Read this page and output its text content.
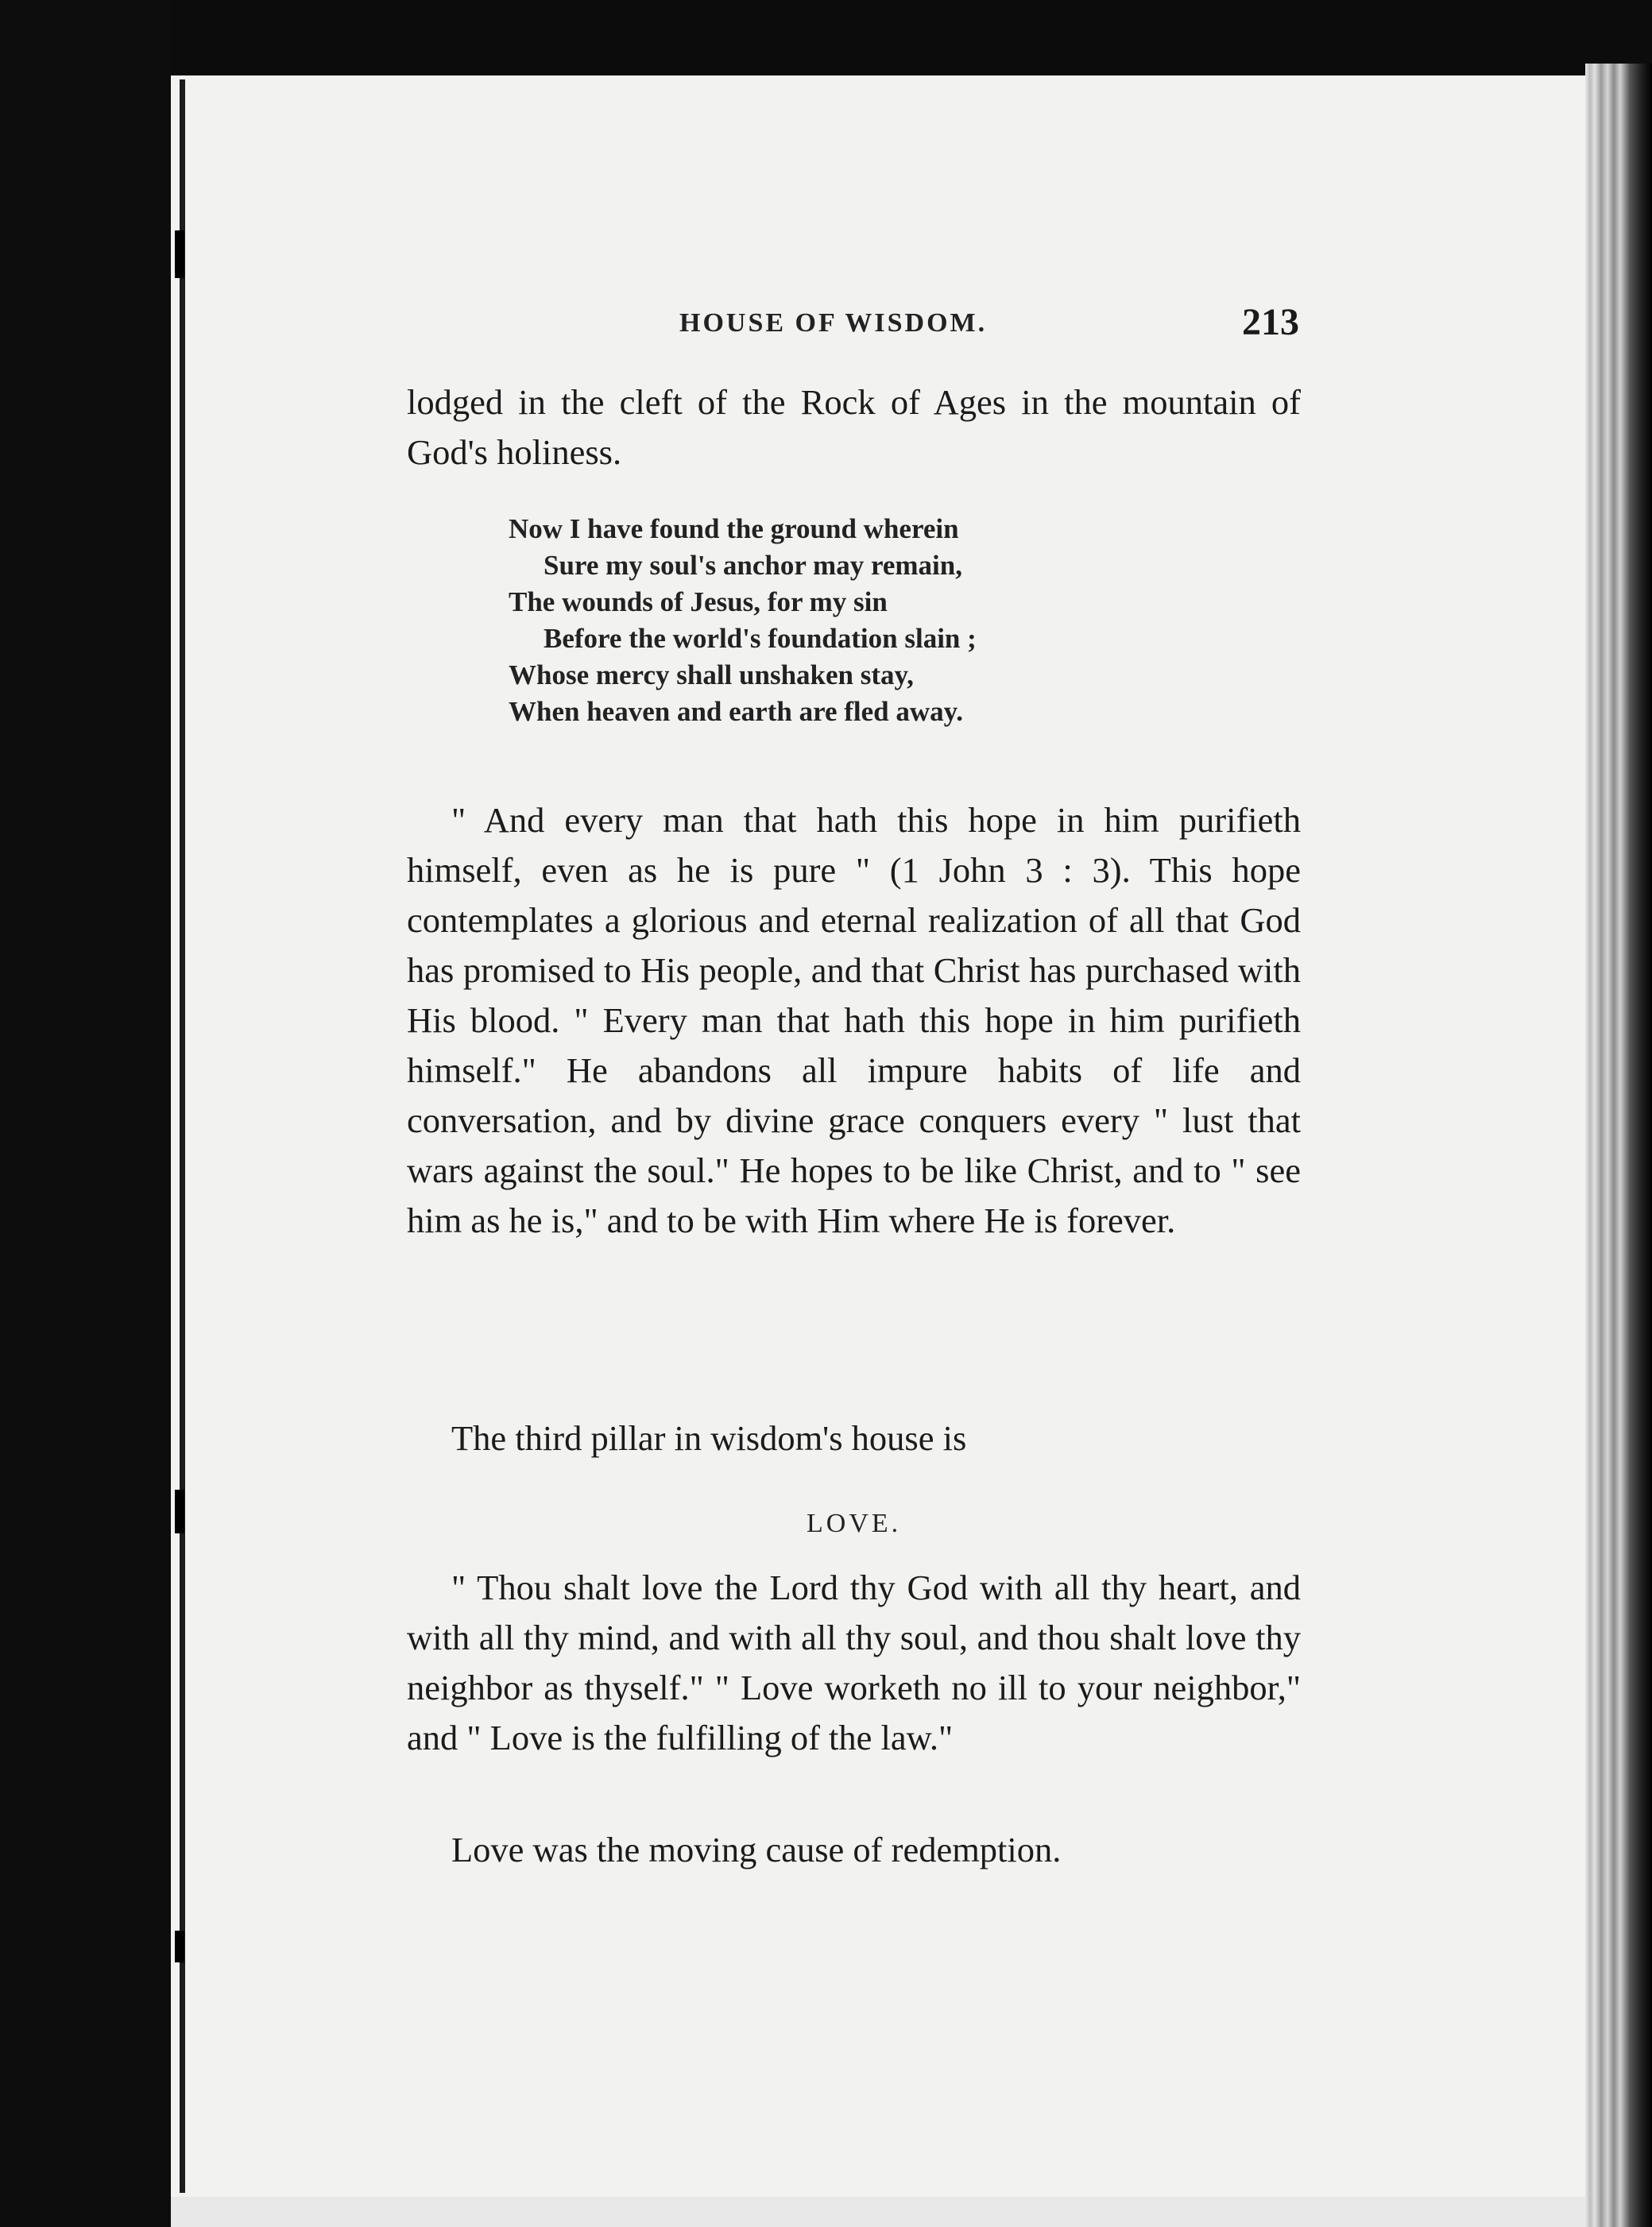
HOUSE OF WISDOM.	213

lodged in the cleft of the Rock of Ages in the mountain of God's holiness.

Now I have found the ground wherein
Sure my soul's anchor may remain,
The wounds of Jesus, for my sin
Before the world's foundation slain ;
Whose mercy shall unshaken stay,
When heaven and earth are fled away.

" And every man that hath this hope in him purifieth himself, even as he is pure " (1 John 3 : 3). This hope contemplates a glorious and eternal realization of all that God has promised to His people, and that Christ has purchased with His blood. " Every man that hath this hope in him purifieth himself." He abandons all impure habits of life and conversation, and by divine grace conquers every " lust that wars against the soul." He hopes to be like Christ, and to " see him as he is," and to be with Him where He is forever.

The third pillar in wisdom's house is

LOVE.

" Thou shalt love the Lord thy God with all thy heart, and with all thy mind, and with all thy soul, and thou shalt love thy neighbor as thyself." " Love worketh no ill to your neighbor," and " Love is the fulfilling of the law."

Love was the moving cause of redemption.
